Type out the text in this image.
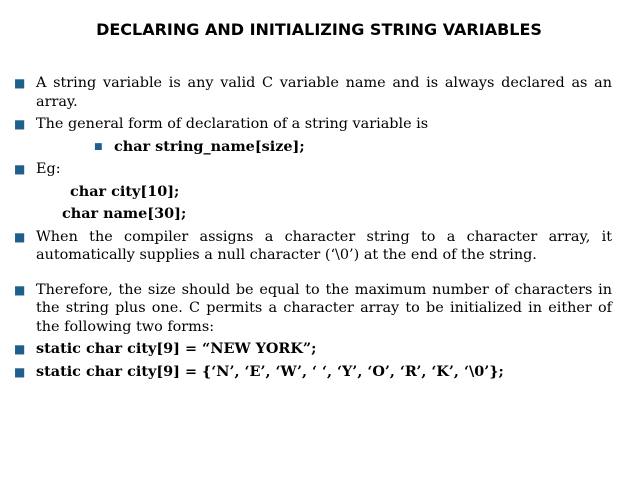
DECLARING AND INITIALIZING STRING VARIABLES
■ A string variable is any valid C variable name and is always declared as an array.
■ The general form of declaration of a string variable is
■ char string_name[size];
■ Eg:
char city[10];
char name[30];
■ When the compiler assigns a character string to a character array, it automatically supplies a null character (‘\0’) at the end of the string.
■ Therefore, the size should be equal to the maximum number of characters in the string plus one. C permits a character array to be initialized in either of the following two forms:
■ static char city[9] = “NEW YORK”;
■ static char city[9] = {‘N’, ‘E’, ‘W’, ‘ ‘, ‘Y’, ‘O’, ‘R’, ‘K’, ‘\0’};
